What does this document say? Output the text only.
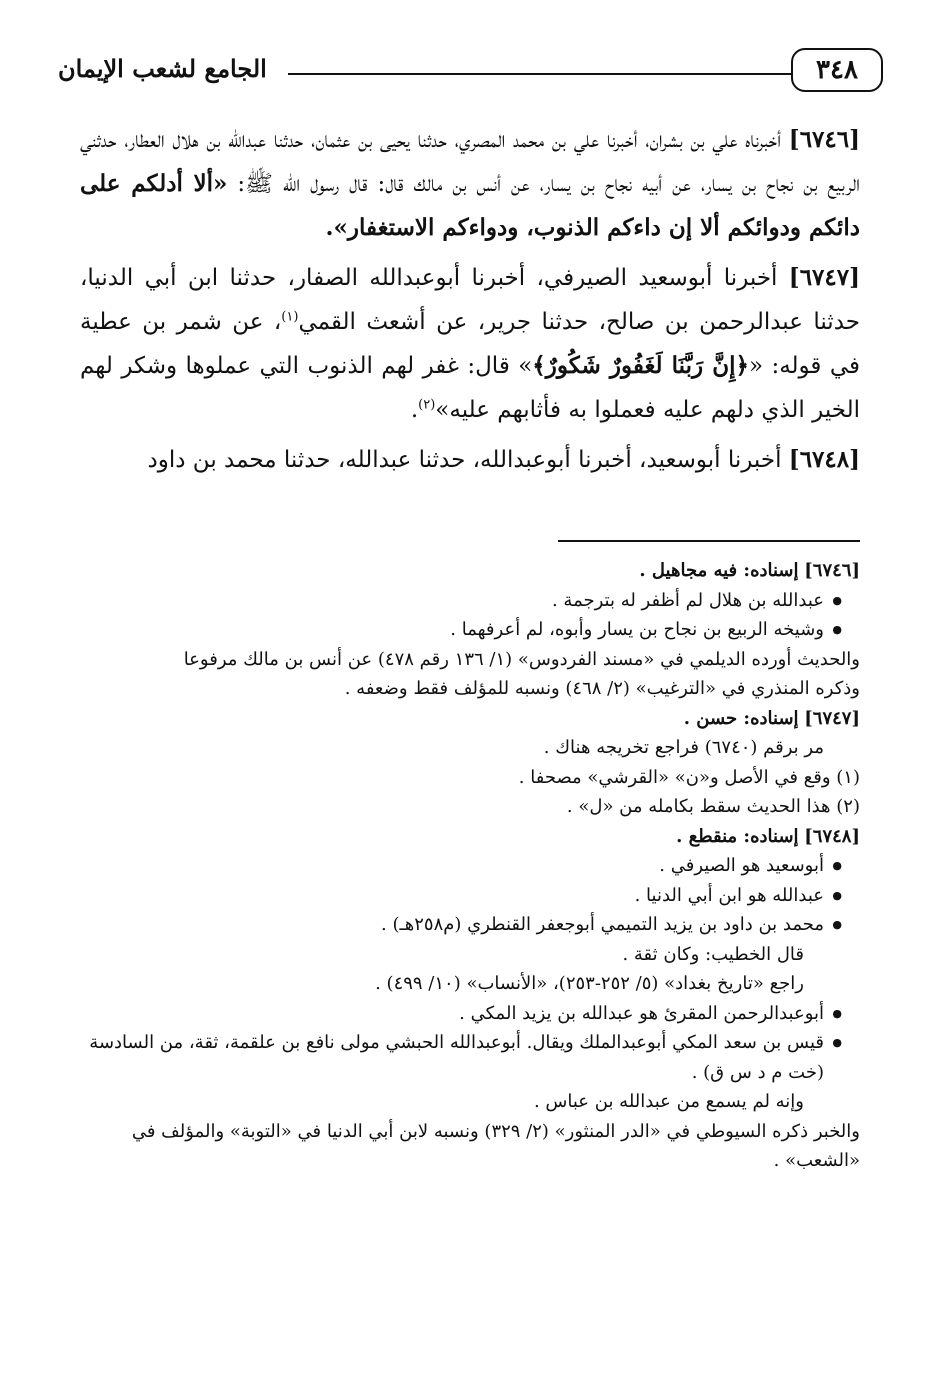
الجامع لشعب الإيمان	٣٤٨

[٦٧٤٦] أخبرناه علي بن بشران، أخبرنا علي بن محمد المصري، حدثنا يحيى بن عثمان، حدثنا عبدالله بن هلال العطار، حدثني الربيع بن نجاح بن يسار، عن أبيه نجاح بن يسار، عن أنس بن مالك قال: قال رسول الله ﷺ: «ألا أدلكم على دائكم ودوائكم ألا إن داءكم الذنوب، ودواءكم الاستغفار».

[٦٧٤٧] أخبرنا أبوسعيد الصيرفي، أخبرنا أبوعبدالله الصفار، حدثنا ابن أبي الدنيا، حدثنا عبدالرحمن بن صالح، حدثنا جرير، عن أشعث القمي$^{(١)}$، عن شمر بن عطية في قوله: «﴿إِنَّ رَبَّنَا لَغَفُورٌ شَكُورٌ﴾» قال: غفر لهم الذنوب التي عملوها وشكر لهم الخير الذي دلهم عليه فعملوا به فأثابهم عليه»$^{(٢)}$.

[٦٧٤٨] أخبرنا أبوسعيد، أخبرنا أبوعبدالله، حدثنا عبدالله، حدثنا محمد بن داود

[٦٧٤٦] إسناده: فيه مجاهيل .

● عبدالله بن هلال لم أظفر له بترجمة .

● وشيخه الربيع بن نجاح بن يسار وأبوه، لم أعرفهما .

والحديث أورده الديلمي في «مسند الفردوس» (١/ ١٣٦ رقم ٤٧٨) عن أنس بن مالك مرفوعا

وذكره المنذري في «الترغيب» (٢/ ٤٦٨) ونسبه للمؤلف فقط وضعفه .

[٦٧٤٧] إسناده: حسن .

مر برقم (٦٧٤٠) فراجع تخريجه هناك .

(١) وقع في الأصل و«ن» «القرشي» مصحفا .

(٢) هذا الحديث سقط بكامله من «ل» .

[٦٧٤٨] إسناده: منقطع .

● أبوسعيد هو الصيرفي .

● عبدالله هو ابن أبي الدنيا .

● محمد بن داود بن يزيد التميمي أبوجعفر القنطري (م٢٥٨هـ) .

قال الخطيب: وكان ثقة .

راجع «تاريخ بغداد» (٥/ ٢٥٢-٢٥٣)، «الأنساب» (١٠/ ٤٩٩) .

● أبوعبدالرحمن المقرئ هو عبدالله بن يزيد المكي .

● قيس بن سعد المكي أبوعبدالملك ويقال. أبوعبدالله الحبشي مولى نافع بن علقمة، ثقة، من السادسة (خت م د س ق) .

وإنه لم يسمع من عبدالله بن عباس .

والخبر ذكره السيوطي في «الدر المنثور» (٢/ ٣٢٩) ونسبه لابن أبي الدنيا في «التوبة» والمؤلف في «الشعب» .
